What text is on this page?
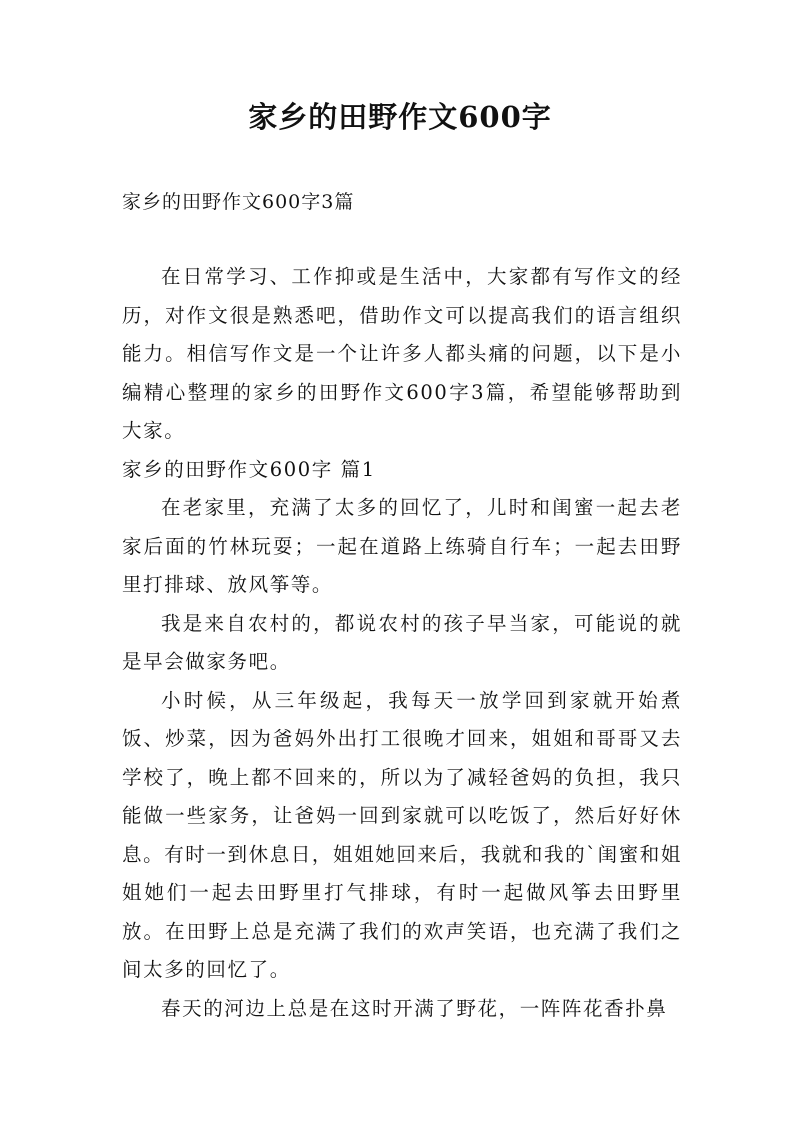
家乡的田野作文600字
家乡的田野作文600字3篇

在日常学习、工作抑或是生活中，大家都有写作文的经历，对作文很是熟悉吧，借助作文可以提高我们的语言组织能力。相信写作文是一个让许多人都头痛的问题，以下是小编精心整理的家乡的田野作文600字3篇，希望能够帮助到大家。

家乡的田野作文600字 篇1

在老家里，充满了太多的回忆了，儿时和闺蜜一起去老家后面的竹林玩耍；一起在道路上练骑自行车；一起去田野里打排球、放风筝等。

我是来自农村的，都说农村的孩子早当家，可能说的就是早会做家务吧。

小时候，从三年级起，我每天一放学回到家就开始煮饭、炒菜，因为爸妈外出打工很晚才回来，姐姐和哥哥又去学校了，晚上都不回来的，所以为了减轻爸妈的负担，我只能做一些家务，让爸妈一回到家就可以吃饭了，然后好好休息。有时一到休息日，姐姐她回来后，我就和我的`闺蜜和姐姐她们一起去田野里打气排球，有时一起做风筝去田野里放。在田野上总是充满了我们的欢声笑语，也充满了我们之间太多的回忆了。

春天的河边上总是在这时开满了野花，一阵阵花香扑鼻
